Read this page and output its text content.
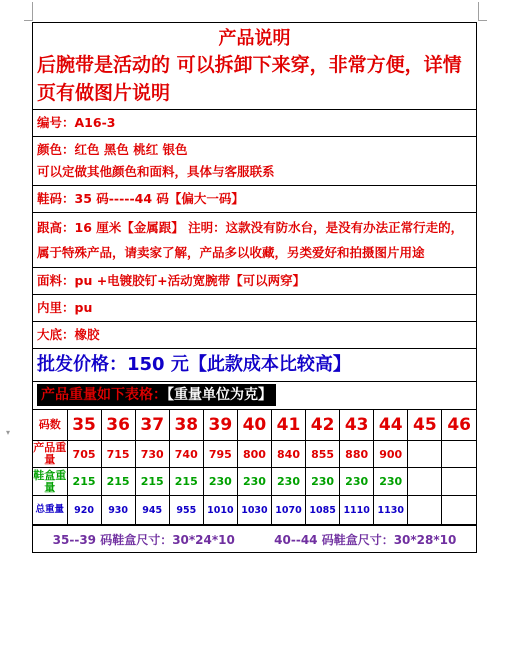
▾
产品说明
后腕带是活动的 可以拆卸下来穿，非常方便，详情页有做图片说明
编号：A16-3
颜色：红色 黑色 桃红 银色
可以定做其他颜色和面料，具体与客服联系
鞋码：35 码-----44 码【偏大一码】
跟高：16 厘米【金属跟】 注明：这款没有防水台，是没有办法正常行走的，属于特殊产品，请卖家了解，产品多以收藏，另类爱好和拍摄图片用途
面料：pu +电镀胶钉+活动宽腕带【可以两穿】
内里：pu
大底：橡胶
批发价格：150 元【此款成本比较高】
产品重量如下表格：【重量单位为克】
码数	35	36	37	38	39	40	41	42	43	44	45	46
产品重量	705	715	730	740	795	800	840	855	880	900		
鞋盒重量	215	215	215	215	230	230	230	230	230	230		
总重量	920	930	945	955	1010	1030	1070	1085	1110	1130		
35--39 码鞋盒尺寸：30*24*10	40--44 码鞋盒尺寸：30*28*10
